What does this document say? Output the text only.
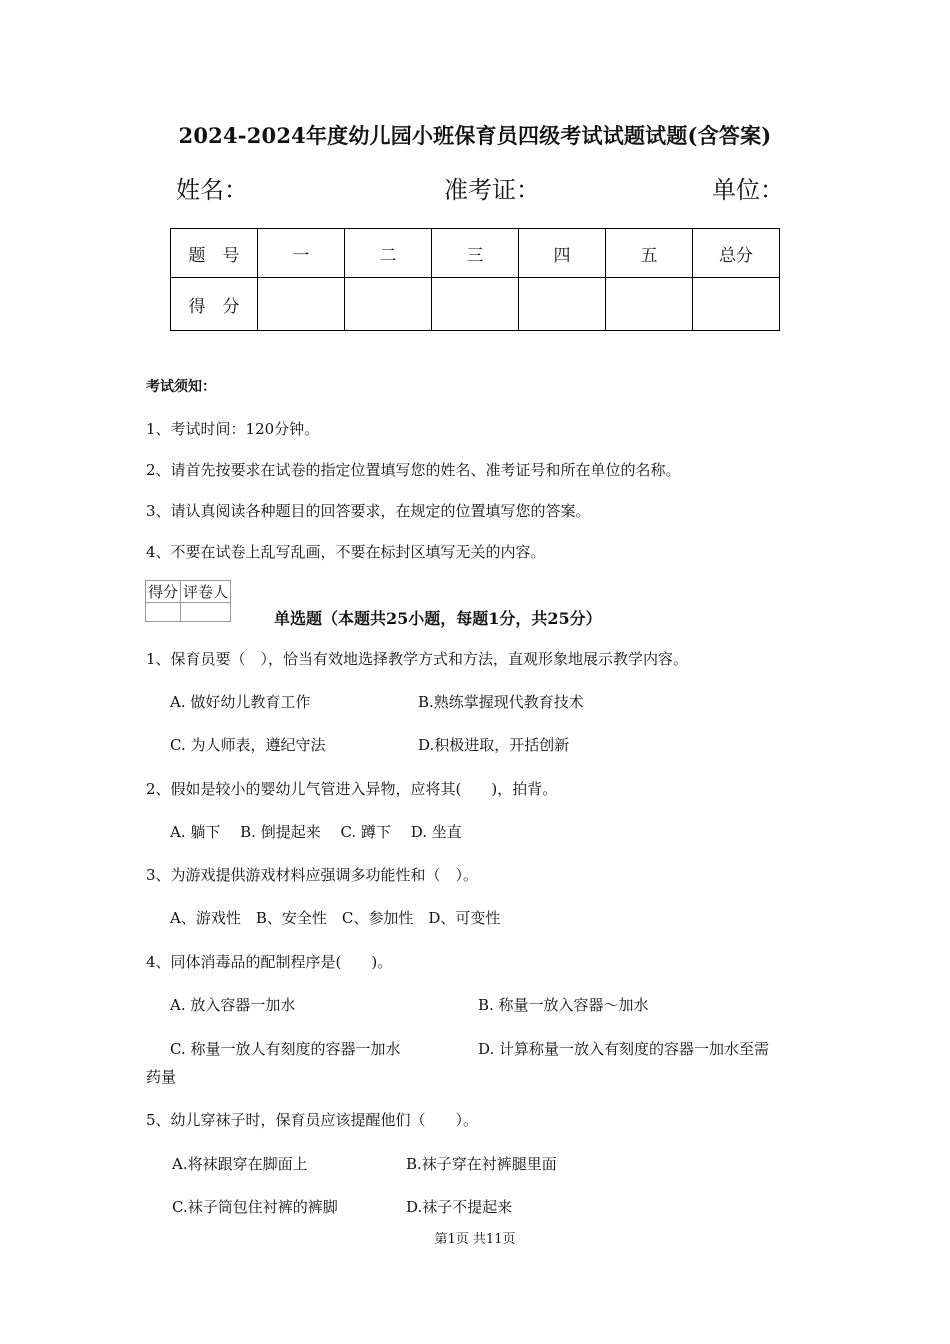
2024-2024年度幼儿园小班保育员四级考试试题试题(含答案)
姓名：	准考证：	单位：
题　号	一	二	三	四	五	总分
得　分						
考试须知：
1、考试时间：120分钟。
2、请首先按要求在试卷的指定位置填写您的姓名、准考证号和所在单位的名称。
3、请认真阅读各种题目的回答要求，在规定的位置填写您的答案。
4、不要在试卷上乱写乱画，不要在标封区填写无关的内容。
得分	评卷人

单选题（本题共25小题，每题1分，共25分）
1、保育员要（　），恰当有效地选择教学方式和方法，直观形象地展示教学内容。
A. 做好幼儿教育工作	B.熟练掌握现代教育技术
C. 为人师表，遵纪守法	D.积极进取，开括创新
2、假如是较小的婴幼儿气管进入异物，应将其(　　)，拍背。
A. 躺下　 B. 倒提起来　 C. 蹲下　 D. 坐直
3、为游戏提供游戏材料应强调多功能性和（　）。
A、游戏性　B、安全性　C、参加性　D、可变性
4、同体消毒品的配制程序是(　　)。
A. 放入容器一加水	B. 称量一放入容器～加水
C. 称量一放人有刻度的容器一加水	D. 计算称量一放入有刻度的容器一加水至需
药量
5、幼儿穿袜子时，保育员应该提醒他们（　　）。
A.将袜跟穿在脚面上	B.袜子穿在衬裤腿里面
C.袜子筒包住衬裤的裤脚	D.袜子不提起来
第1页 共11页
